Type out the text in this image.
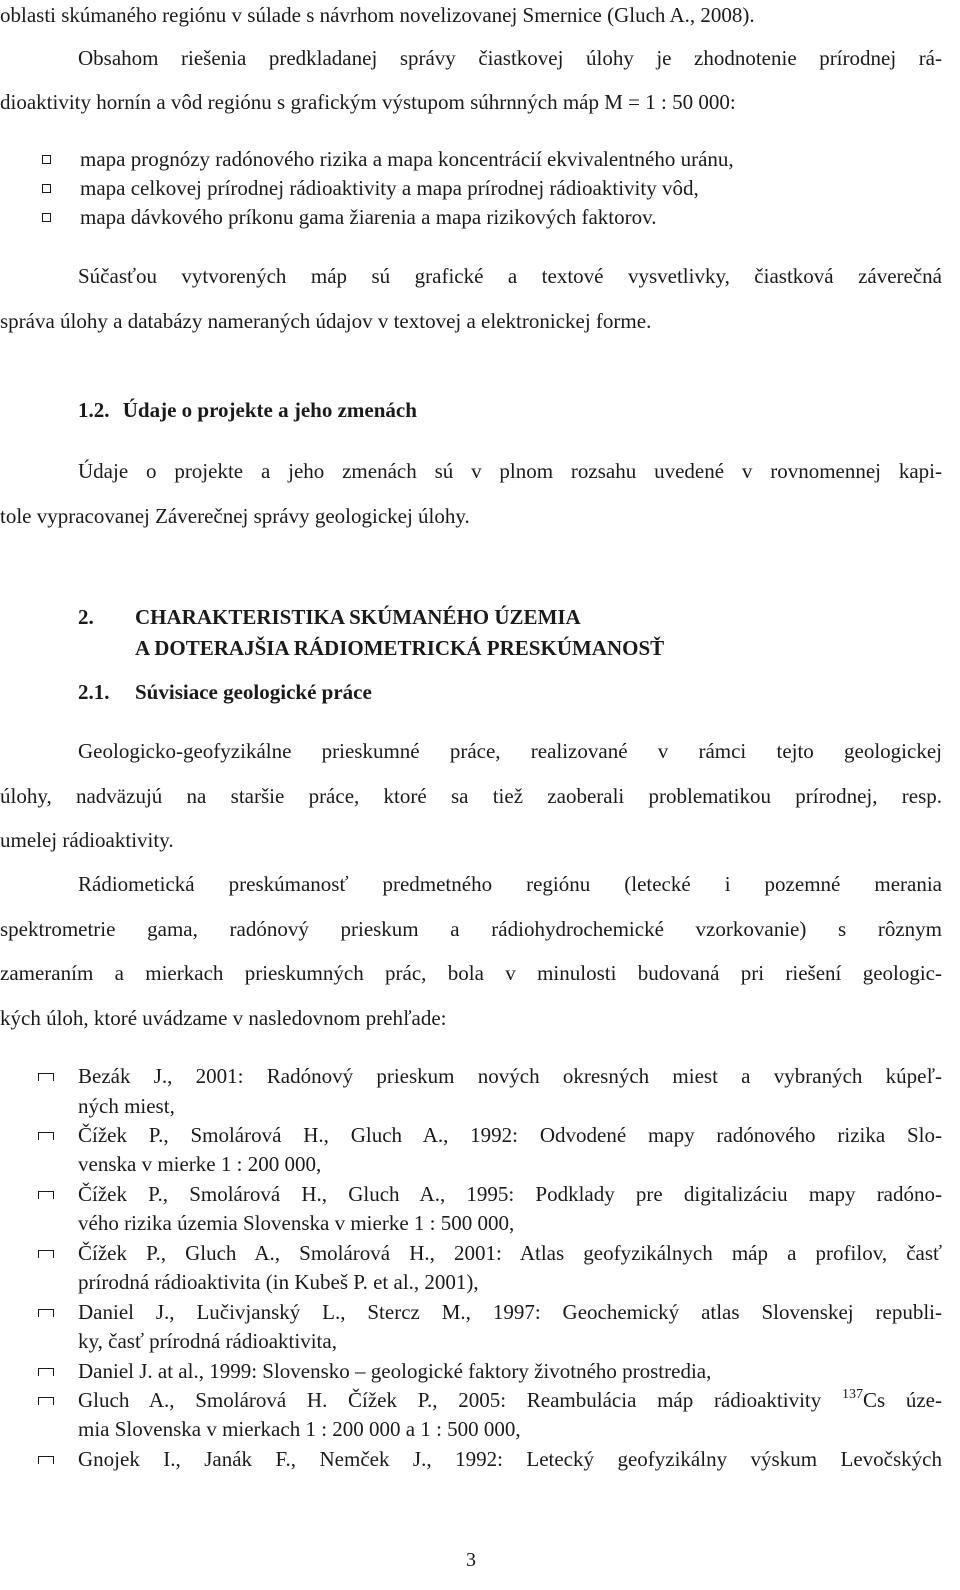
oblasti skúmaného regiónu v súlade s návrhom novelizovanej Smernice (Gluch A., 2008).
Obsahom riešenia predkladanej správy čiastkovej úlohy je zhodnotenie prírodnej rá-
dioaktivity hornín a vôd regiónu s grafickým výstupom súhrnných máp M = 1 : 50 000:
mapa prognózy radónového rizika a mapa koncentrácií ekvivalentného uránu,
mapa celkovej prírodnej rádioaktivity a mapa prírodnej rádioaktivity vôd,
mapa dávkového príkonu gama žiarenia a mapa rizikových faktorov.
Súčasťou vytvorených máp sú grafické a textové vysvetlivky, čiastková záverečná
správa úlohy a databázy nameraných údajov v textovej a elektronickej forme.
1.2. Údaje o projekte a jeho zmenách
Údaje o projekte a jeho zmenách sú v plnom rozsahu uvedené v rovnomennej kapi-
tole vypracovanej Záverečnej správy geologickej úlohy.
2. CHARAKTERISTIKA SKÚMANÉHO ÚZEMIA
A DOTERAJŠIA RÁDIOMETRICKÁ PRESKÚMANOSŤ
2.1. Súvisiace geologické práce
Geologicko-geofyzikálne prieskumné práce, realizované v rámci tejto geologickej
úlohy, nadväzujú na staršie práce, ktoré sa tiež zaoberali problematikou prírodnej, resp.
umelej rádioaktivity.
Rádiometická preskúmanosť predmetného regiónu (letecké i pozemné merania
spektrometrie gama, radónový prieskum a rádiohydrochemické vzorkovanie) s rôznym
zameraním a mierkach prieskumných prác, bola v minulosti budovaná pri riešení geologic-
kých úloh, ktoré uvádzame v nasledovnom prehľade:
Bezák J., 2001: Radónový prieskum nových okresných miest a vybraných kúpeľ-
ných miest,
Čížek P., Smolárová H., Gluch A., 1992: Odvodené mapy radónového rizika Slo-
venska v mierke 1 : 200 000,
Čížek P., Smolárová H., Gluch A., 1995: Podklady pre digitalizáciu mapy radóno-
vého rizika územia Slovenska v mierke 1 : 500 000,
Čížek P., Gluch A., Smolárová H., 2001: Atlas geofyzikálnych máp a profilov, časť
prírodná rádioaktivita (in Kubeš P. et al., 2001),
Daniel J., Lučivjanský L., Stercz M., 1997: Geochemický atlas Slovenskej republi-
ky, časť prírodná rádioaktivita,
Daniel J. at al., 1999: Slovensko – geologické faktory životného prostredia,
Gluch A., Smolárová H. Čížek P., 2005: Reambulácia máp rádioaktivity $^{137}$Cs úze-
mia Slovenska v mierkach 1 : 200 000 a 1 : 500 000,
Gnojek I., Janák F., Nemček J., 1992: Letecký geofyzikálny výskum Levočských
3
